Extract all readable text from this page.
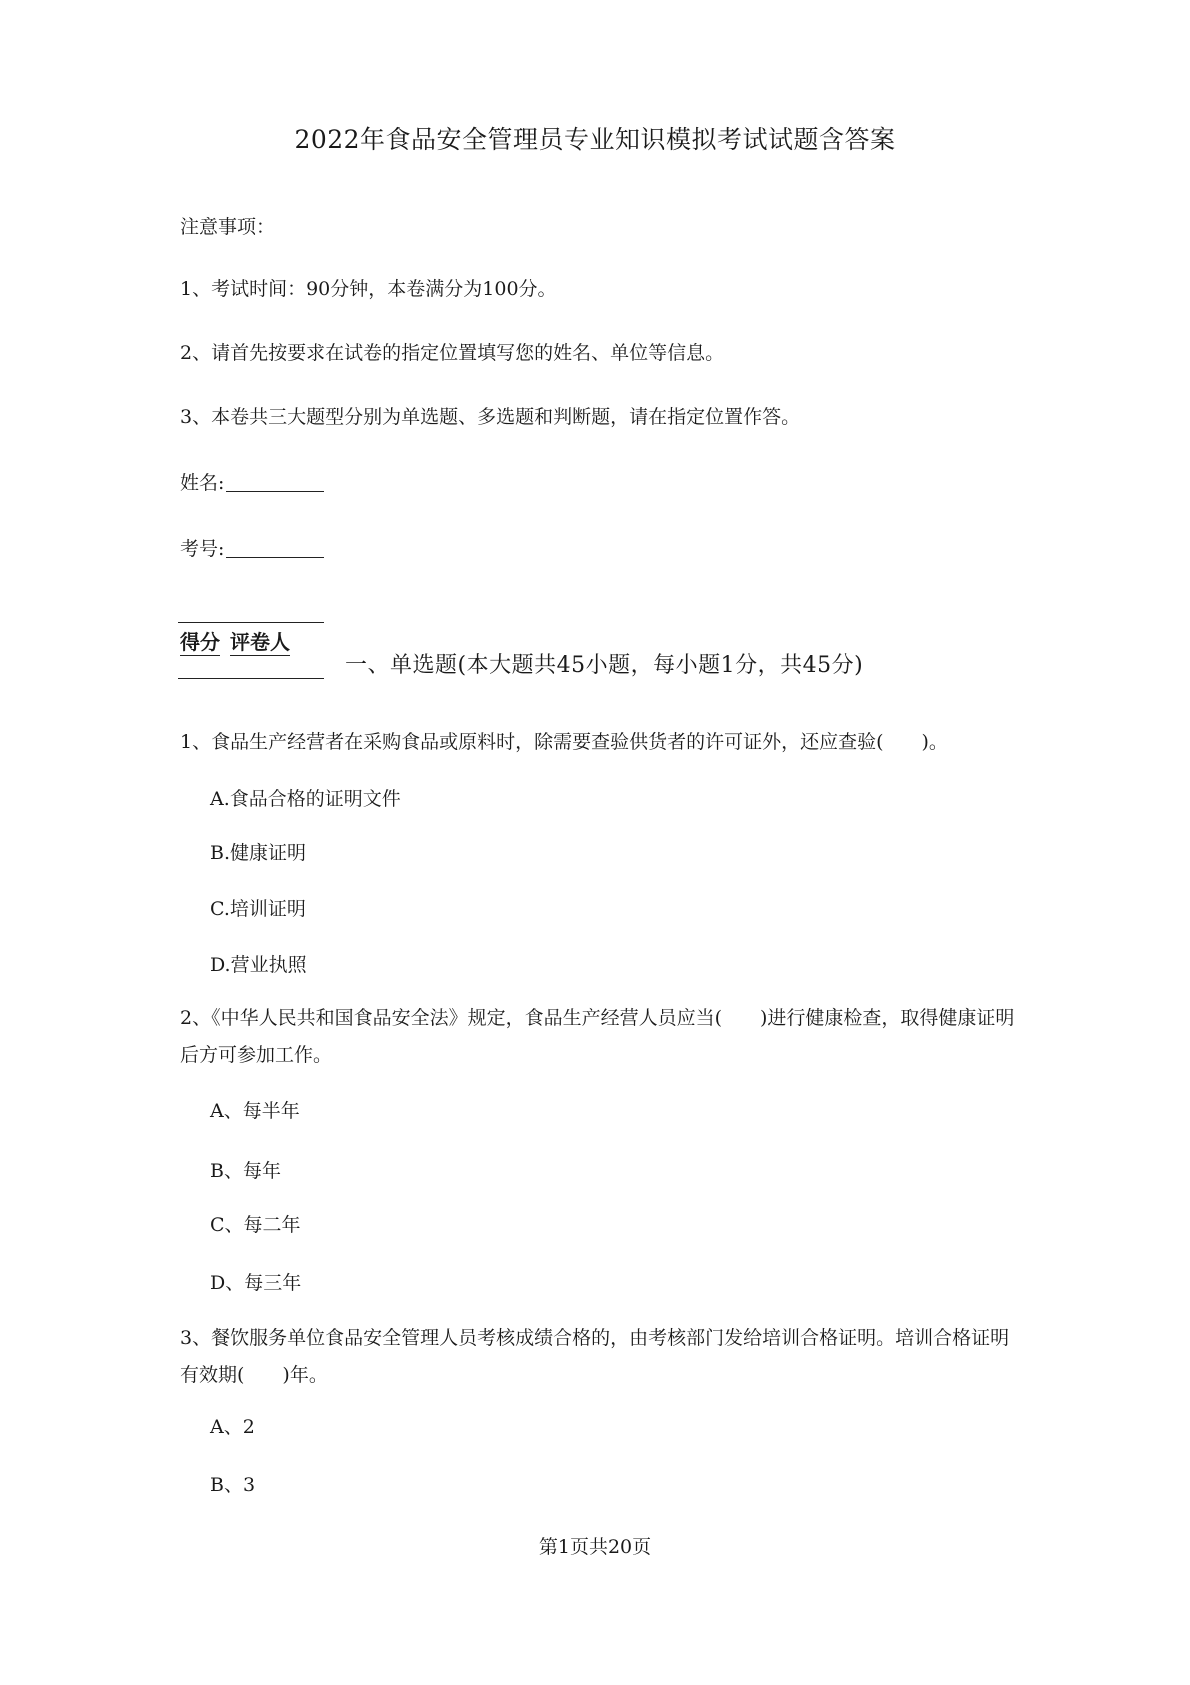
2022年食品安全管理员专业知识模拟考试试题含答案
注意事项：
1、考试时间：90分钟，本卷满分为100分。
2、请首先按要求在试卷的指定位置填写您的姓名、单位等信息。
3、本卷共三大题型分别为单选题、多选题和判断题，请在指定位置作答。
姓名:
考号:
得分 评卷人
一、单选题(本大题共45小题，每小题1分，共45分)
1、食品生产经营者在采购食品或原料时，除需要查验供货者的许可证外，还应查验(　　)。
A.食品合格的证明文件
B.健康证明
C.培训证明
D.营业执照
2、《中华人民共和国食品安全法》规定，食品生产经营人员应当(　　)进行健康检查，取得健康证明后方可参加工作。
A、每半年
B、每年
C、每二年
D、每三年
3、餐饮服务单位食品安全管理人员考核成绩合格的，由考核部门发给培训合格证明。培训合格证明有效期(　　)年。
A、2
B、3
第1页共20页
